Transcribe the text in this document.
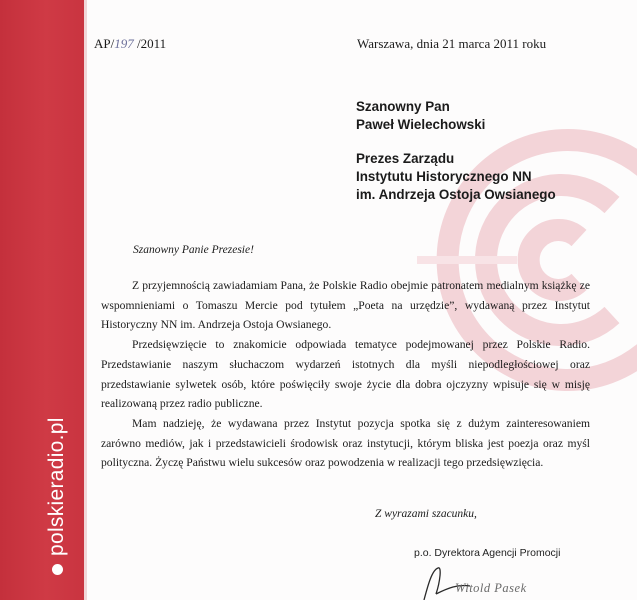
polskieradio.pl
AP/197 /2011	Warszawa, dnia 21 marca 2011 roku
Szanowny Pan
Paweł Wielechowski
Prezes Zarządu
Instytutu Historycznego NN
im. Andrzeja Ostoja Owsianego
Szanowny Panie Prezesie!

Z przyjemnością zawiadamiam Pana, że Polskie Radio obejmie patronatem medialnym książkę ze wspomnieniami o Tomaszu Mercie pod tytułem „Poeta na urzędzie”, wydawaną przez Instytut Historyczny NN im. Andrzeja Ostoja Owsianego.

Przedsięwzięcie to znakomicie odpowiada tematyce podejmowanej przez Polskie Radio. Przedstawianie naszym słuchaczom wydarzeń istotnych dla myśli niepodległościowej oraz przedstawianie sylwetek osób, które poświęciły swoje życie dla dobra ojczyzny wpisuje się w misję realizowaną przez radio publiczne.

Mam nadzieję, że wydawana przez Instytut pozycja spotka się z dużym zainteresowaniem zarówno mediów, jak i przedstawicieli środowisk oraz instytucji, którym bliska jest poezja oraz myśl polityczna. Życzę Państwu wielu sukcesów oraz powodzenia w realizacji tego przedsięwzięcia.

Z wyrazami szacunku,
p.o. Dyrektora Agencji Promocji
Witold Pasek
